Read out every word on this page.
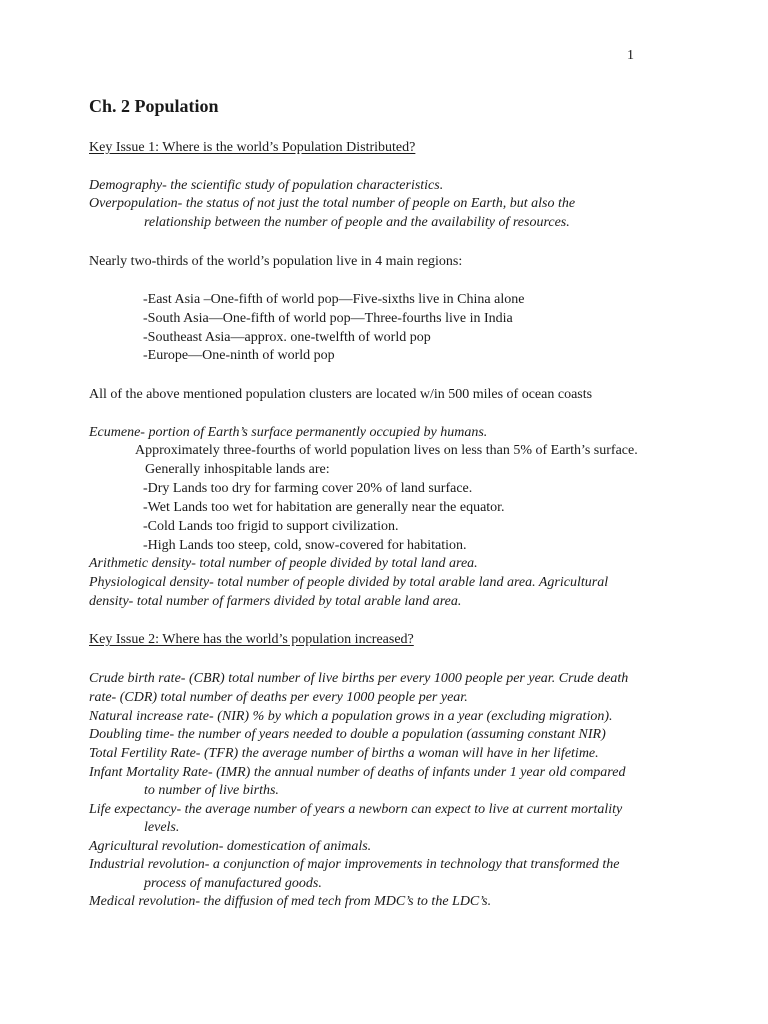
1
Ch. 2 Population
Key Issue 1: Where is the world’s Population Distributed?
Demography- the scientific study of population characteristics.
Overpopulation- the status of not just the total number of people on Earth, but also the
relationship between the number of people and the availability of resources.
Nearly two-thirds of the world’s population live in 4 main regions:
-East Asia –One-fifth of world pop—Five-sixths live in China alone
-South Asia—One-fifth of world pop—Three-fourths live in India
-Southeast Asia—approx. one-twelfth of world pop
-Europe—One-ninth of world pop
All of the above mentioned population clusters are located w/in 500 miles of ocean coasts
Ecumene- portion of Earth’s surface permanently occupied by humans.
Approximately three-fourths of world population lives on less than 5% of Earth’s surface.
Generally inhospitable lands are:
-Dry Lands too dry for farming cover 20% of land surface.
-Wet Lands too wet for habitation are generally near the equator.
-Cold Lands too frigid to support civilization.
-High Lands too steep, cold, snow-covered for habitation.
Arithmetic density- total number of people divided by total land area.
Physiological density- total number of people divided by total arable land area. Agricultural
density- total number of farmers divided by total arable land area.
Key Issue 2: Where has the world’s population increased?
Crude birth rate- (CBR) total number of live births per every 1000 people per year. Crude death
rate- (CDR) total number of deaths per every 1000 people per year.
Natural increase rate- (NIR) % by which a population grows in a year (excluding migration).
Doubling time- the number of years needed to double a population (assuming constant NIR)
Total Fertility Rate- (TFR) the average number of births a woman will have in her lifetime.
Infant Mortality Rate- (IMR) the annual number of deaths of infants under 1 year old compared
to number of live births.
Life expectancy- the average number of years a newborn can expect to live at current mortality
levels.
Agricultural revolution- domestication of animals.
Industrial revolution- a conjunction of major improvements in technology that transformed the
process of manufactured goods.
Medical revolution- the diffusion of med tech from MDC’s to the LDC’s.
